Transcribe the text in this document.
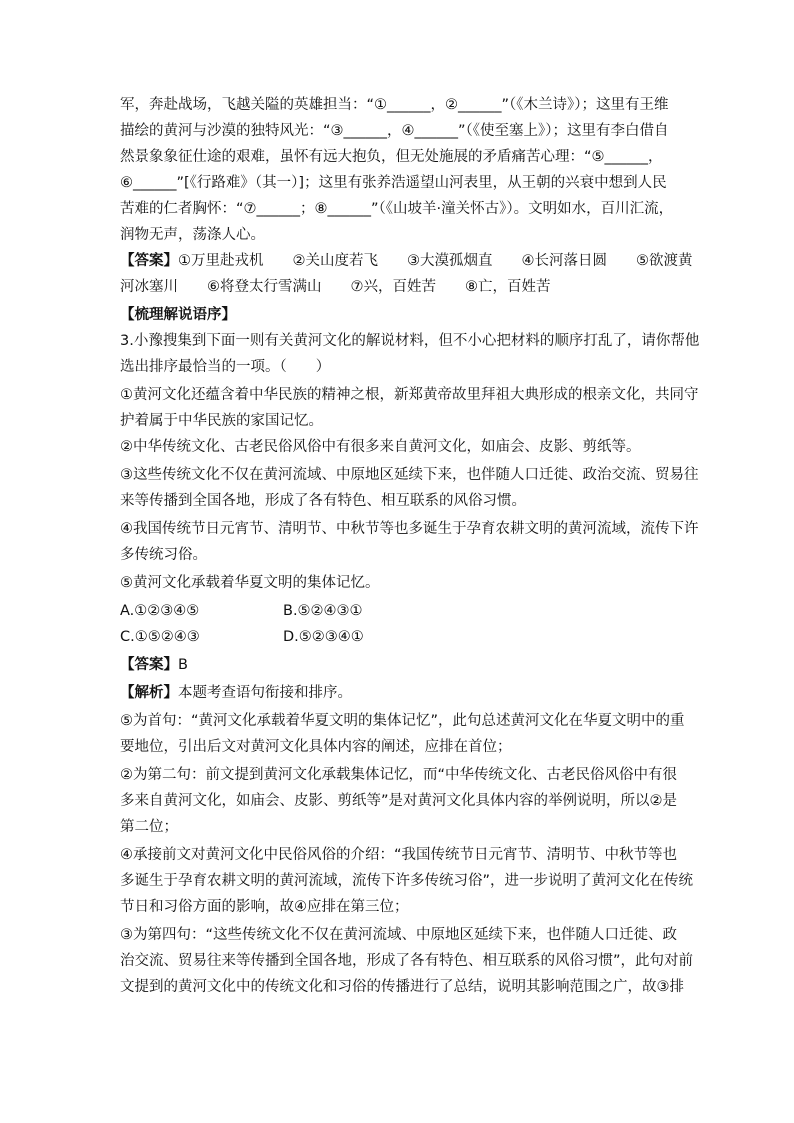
军，奔赴战场，飞越关隘的英雄担当：“①______，②______”（《木兰诗》）；这里有王维
描绘的黄河与沙漠的独特风光：“③______，④______”（《使至塞上》）；这里有李白借自
然景象象征仕途的艰难，虽怀有远大抱负，但无处施展的矛盾痛苦心理：“⑤______，
⑥______”[《行路难》（其一）]；这里有张养浩遥望山河表里，从王朝的兴衰中想到人民
苦难的仁者胸怀：“⑦______；⑧______”（《山坡羊·潼关怀古》）。文明如水，百川汇流，
润物无声，荡涤人心。
【答案】①万里赴戎机　　②关山度若飞　　③大漠孤烟直　　④长河落日圆　　⑤欲渡黄
河冰塞川　　⑥将登太行雪满山　　⑦兴，百姓苦　　⑧亡，百姓苦
【梳理解说语序】
3.小豫搜集到下面一则有关黄河文化的解说材料，但不小心把材料的顺序打乱了，请你帮他
选出排序最恰当的一项。（　　）
①黄河文化还蕴含着中华民族的精神之根，新郑黄帝故里拜祖大典形成的根亲文化，共同守
护着属于中华民族的家国记忆。
②中华传统文化、古老民俗风俗中有很多来自黄河文化，如庙会、皮影、剪纸等。
③这些传统文化不仅在黄河流域、中原地区延续下来，也伴随人口迁徙、政治交流、贸易往
来等传播到全国各地，形成了各有特色、相互联系的风俗习惯。
④我国传统节日元宵节、清明节、中秋节等也多诞生于孕育农耕文明的黄河流域，流传下许
多传统习俗。
⑤黄河文化承载着华夏文明的集体记忆。
A.①②③④⑤	B.⑤②④③①
C.①⑤②④③	D.⑤②③④①
【答案】B
【解析】本题考查语句衔接和排序。
⑤为首句：“黄河文化承载着华夏文明的集体记忆”，此句总述黄河文化在华夏文明中的重
要地位，引出后文对黄河文化具体内容的阐述，应排在首位；
②为第二句：前文提到黄河文化承载集体记忆，而“中华传统文化、古老民俗风俗中有很
多来自黄河文化，如庙会、皮影、剪纸等”是对黄河文化具体内容的举例说明，所以②是
第二位；
④承接前文对黄河文化中民俗风俗的介绍：“我国传统节日元宵节、清明节、中秋节等也
多诞生于孕育农耕文明的黄河流域，流传下许多传统习俗”，进一步说明了黄河文化在传统
节日和习俗方面的影响，故④应排在第三位；
③为第四句：“这些传统文化不仅在黄河流域、中原地区延续下来，也伴随人口迁徙、政
治交流、贸易往来等传播到全国各地，形成了各有特色、相互联系的风俗习惯”，此句对前
文提到的黄河文化中的传统文化和习俗的传播进行了总结，说明其影响范围之广，故③排
